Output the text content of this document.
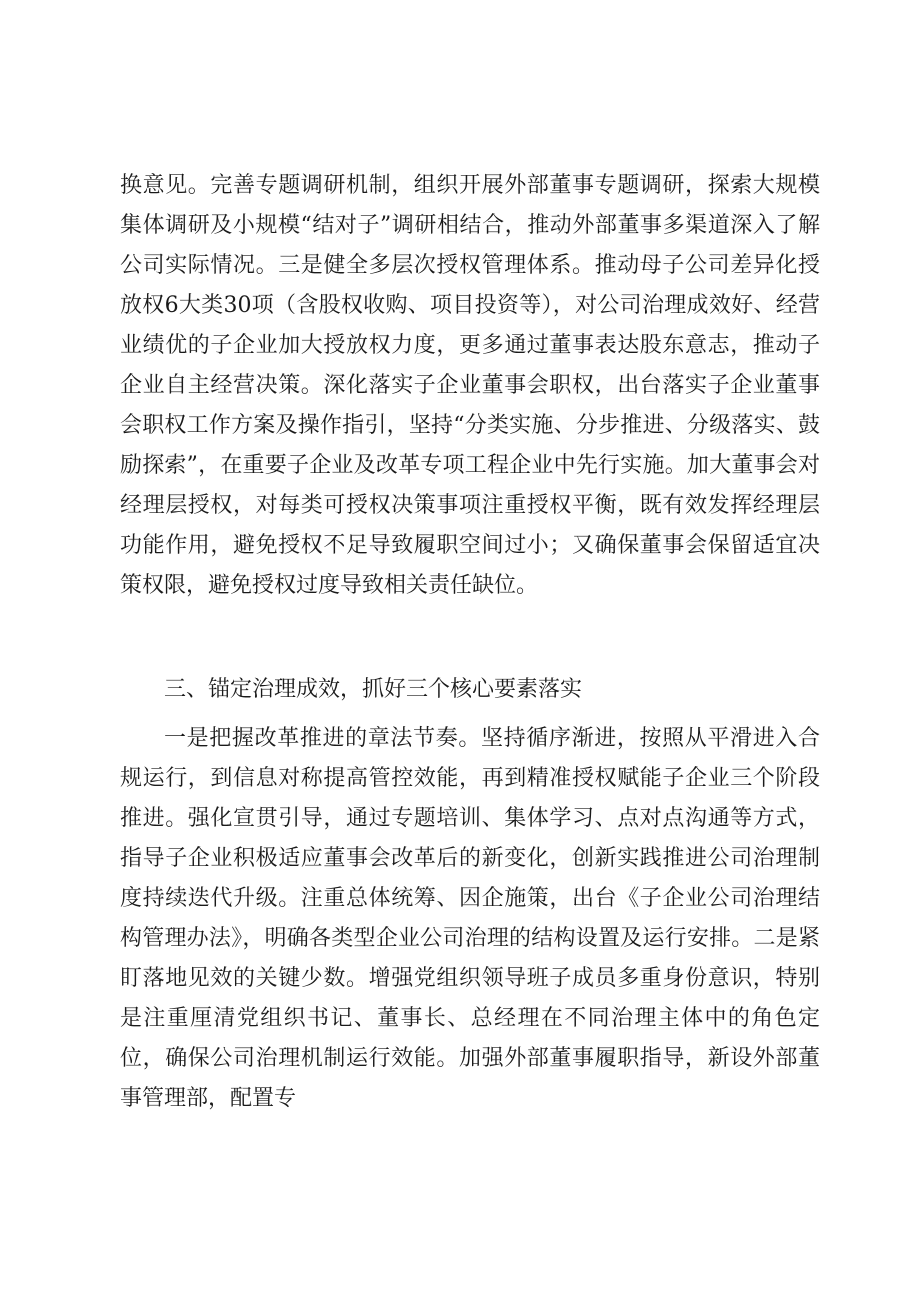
换意见。完善专题调研机制，组织开展外部董事专题调研，探索大规模集体调研及小规模“结对子”调研相结合，推动外部董事多渠道深入了解公司实际情况。三是健全多层次授权管理体系。推动母子公司差异化授放权6大类30项（含股权收购、项目投资等），对公司治理成效好、经营业绩优的子企业加大授放权力度，更多通过董事表达股东意志，推动子企业自主经营决策。深化落实子企业董事会职权，出台落实子企业董事会职权工作方案及操作指引，坚持“分类实施、分步推进、分级落实、鼓励探索”，在重要子企业及改革专项工程企业中先行实施。加大董事会对经理层授权，对每类可授权决策事项注重授权平衡，既有效发挥经理层功能作用，避免授权不足导致履职空间过小；又确保董事会保留适宜决策权限，避免授权过度导致相关责任缺位。

三、锚定治理成效，抓好三个核心要素落实

一是把握改革推进的章法节奏。坚持循序渐进，按照从平滑进入合规运行，到信息对称提高管控效能，再到精准授权赋能子企业三个阶段推进。强化宣贯引导，通过专题培训、集体学习、点对点沟通等方式，指导子企业积极适应董事会改革后的新变化，创新实践推进公司治理制度持续迭代升级。注重总体统筹、因企施策，出台《子企业公司治理结构管理办法》，明确各类型企业公司治理的结构设置及运行安排。二是紧盯落地见效的关键少数。增强党组织领导班子成员多重身份意识，特别是注重厘清党组织书记、董事长、总经理在不同治理主体中的角色定位，确保公司治理机制运行效能。加强外部董事履职指导，新设外部董事管理部，配置专
